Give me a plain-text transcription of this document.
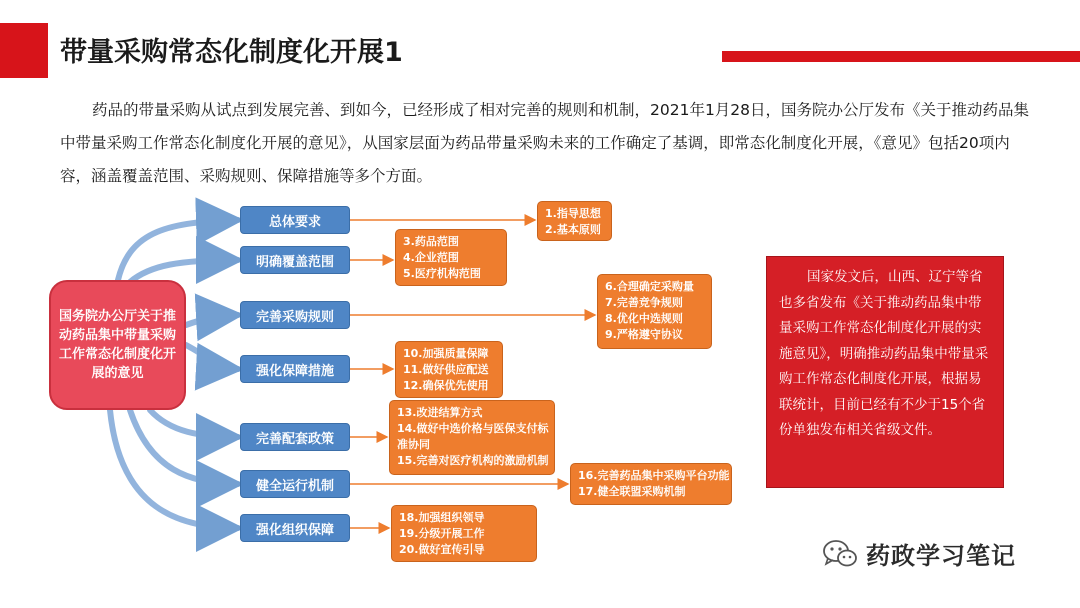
带量采购常态化制度化开展1
药品的带量采购从试点到发展完善、到如今，已经形成了相对完善的规则和机制，2021年1月28日，国务院办公厅发布《关于推动药品集中带量采购工作常态化制度化开展的意见》，从国家层面为药品带量采购未来的工作确定了基调，即常态化制度化开展，《意见》包括20项内容，涵盖覆盖范围、采购规则、保障措施等多个方面。
国务院办公厅关于推动药品集中带量采购工作常态化制度化开展的意见
总体要求
明确覆盖范围
完善采购规则
强化保障措施
完善配套政策
健全运行机制
强化组织保障
1.指导思想
2.基本原则
3.药品范围
4.企业范围
5.医疗机构范围
6.合理确定采购量
7.完善竞争规则
8.优化中选规则
9.严格遵守协议
10.加强质量保障
11.做好供应配送
12.确保优先使用
13.改进结算方式
14.做好中选价格与医保支付标
准协同
15.完善对医疗机构的激励机制
16.完善药品集中采购平台功能
17.健全联盟采购机制
18.加强组织领导
19.分级开展工作
20.做好宣传引导
国家发文后，山西、辽宁等省也多省发布《关于推动药品集中带量采购工作常态化制度化开展的实施意见》，明确推动药品集中带量采购工作常态化制度化开展，根据易联统计，目前已经有不少于15个省份单独发布相关省级文件。
药政学习笔记
